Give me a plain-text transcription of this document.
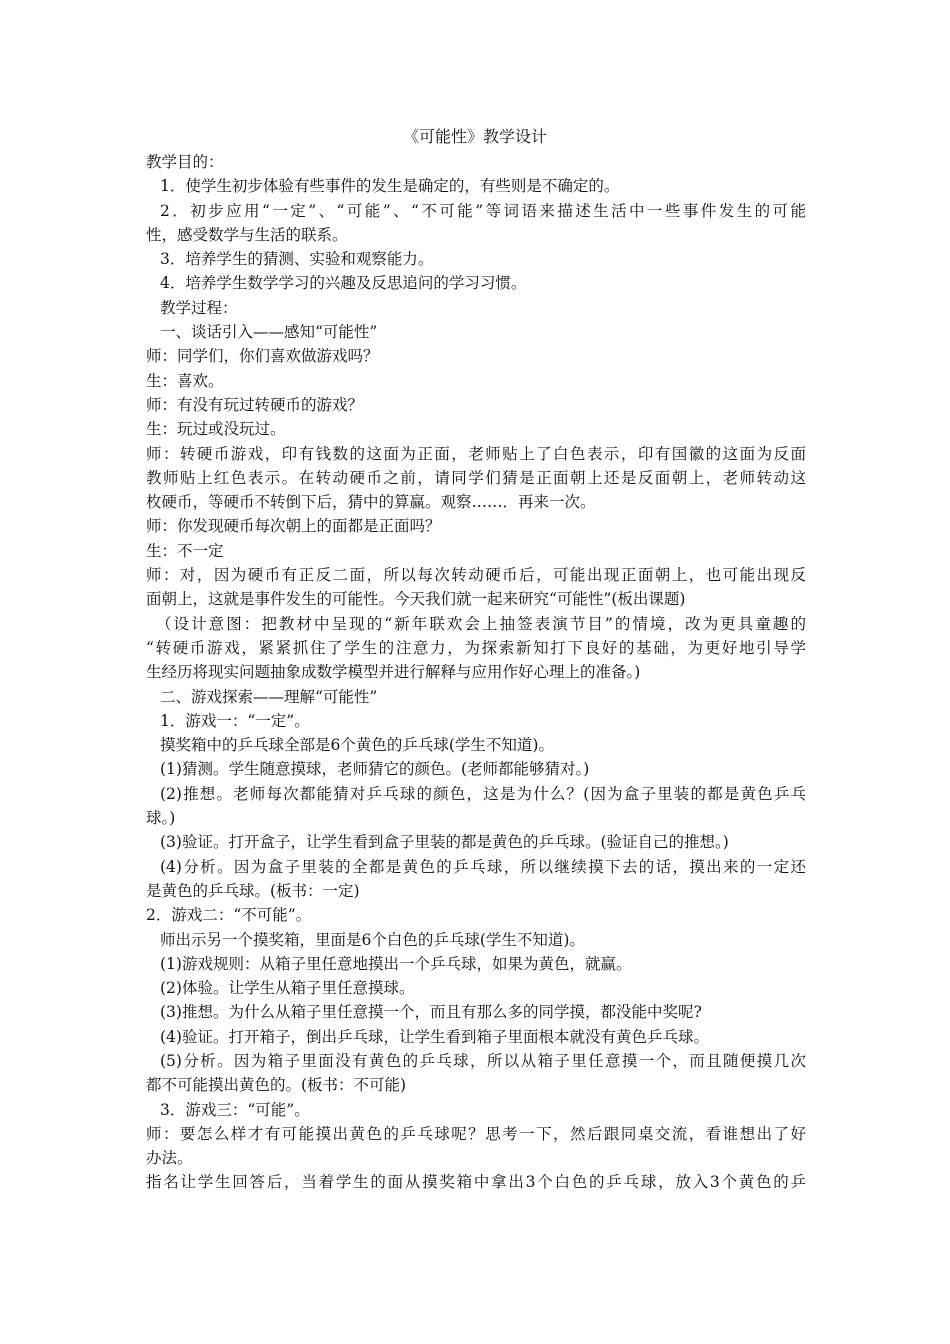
《可能性》教学设计

教学目的：

1．使学生初步体验有些事件的发生是确定的，有些则是不确定的。

2．初步应用“一定”、“可能”、“不可能”等词语来描述生活中一些事件发生的可能

性，感受数学与生活的联系。

3．培养学生的猜测、实验和观察能力。

4．培养学生数学学习的兴趣及反思追问的学习习惯。

教学过程：

一、谈话引入——感知“可能性”

师：同学们，你们喜欢做游戏吗？

生：喜欢。

师：有没有玩过转硬币的游戏？

生：玩过或没玩过。

师：转硬币游戏，印有钱数的这面为正面，老师贴上了白色表示，印有国徽的这面为反面

教师贴上红色表示。在转动硬币之前，请同学们猜是正面朝上还是反面朝上，老师转动这

枚硬币，等硬币不转倒下后，猜中的算赢。观察……．再来一次。

师：你发现硬币每次朝上的面都是正面吗？

生：不一定

师：对，因为硬币有正反二面，所以每次转动硬币后，可能出现正面朝上，也可能出现反

面朝上，这就是事件发生的可能性。今天我们就一起来研究“可能性”(板出课题)

（设计意图：把教材中呈现的“新年联欢会上抽签表演节目”的情境，改为更具童趣的

“转硬币游戏，紧紧抓住了学生的注意力，为探索新知打下良好的基础，为更好地引导学

生经历将现实问题抽象成数学模型并进行解释与应用作好心理上的准备。)

二、游戏探索——理解“可能性”

1．游戏一：“一定”。

摸奖箱中的乒乓球全部是6个黄色的乒乓球(学生不知道)。

(1)猜测。学生随意摸球，老师猜它的颜色。(老师都能够猜对。)

(2)推想。老师每次都能猜对乒乓球的颜色，这是为什么？(因为盒子里装的都是黄色乒乓

球。)

(3)验证。打开盒子，让学生看到盒子里装的都是黄色的乒乓球。(验证自己的推想。)

(4)分析。因为盒子里装的全都是黄色的乒乓球，所以继续摸下去的话，摸出来的一定还

是黄色的乒乓球。(板书：一定)

2．游戏二：“不可能”。

师出示另一个摸奖箱，里面是6个白色的乒乓球(学生不知道)。

(1)游戏规则：从箱子里任意地摸出一个乒乓球，如果为黄色，就赢。

(2)体验。让学生从箱子里任意摸球。

(3)推想。为什么从箱子里任意摸一个，而且有那么多的同学摸，都没能中奖呢?

(4)验证。打开箱子，倒出乒乓球，让学生看到箱子里面根本就没有黄色乒乓球。

(5)分析。因为箱子里面没有黄色的乒乓球，所以从箱子里任意摸一个，而且随便摸几次

都不可能摸出黄色的。(板书：不可能)

3．游戏三：“可能”。

师：要怎么样才有可能摸出黄色的乒乓球呢？思考一下，然后跟同桌交流，看谁想出了好

办法。

指名让学生回答后，当着学生的面从摸奖箱中拿出3个白色的乒乓球，放入3个黄色的乒
